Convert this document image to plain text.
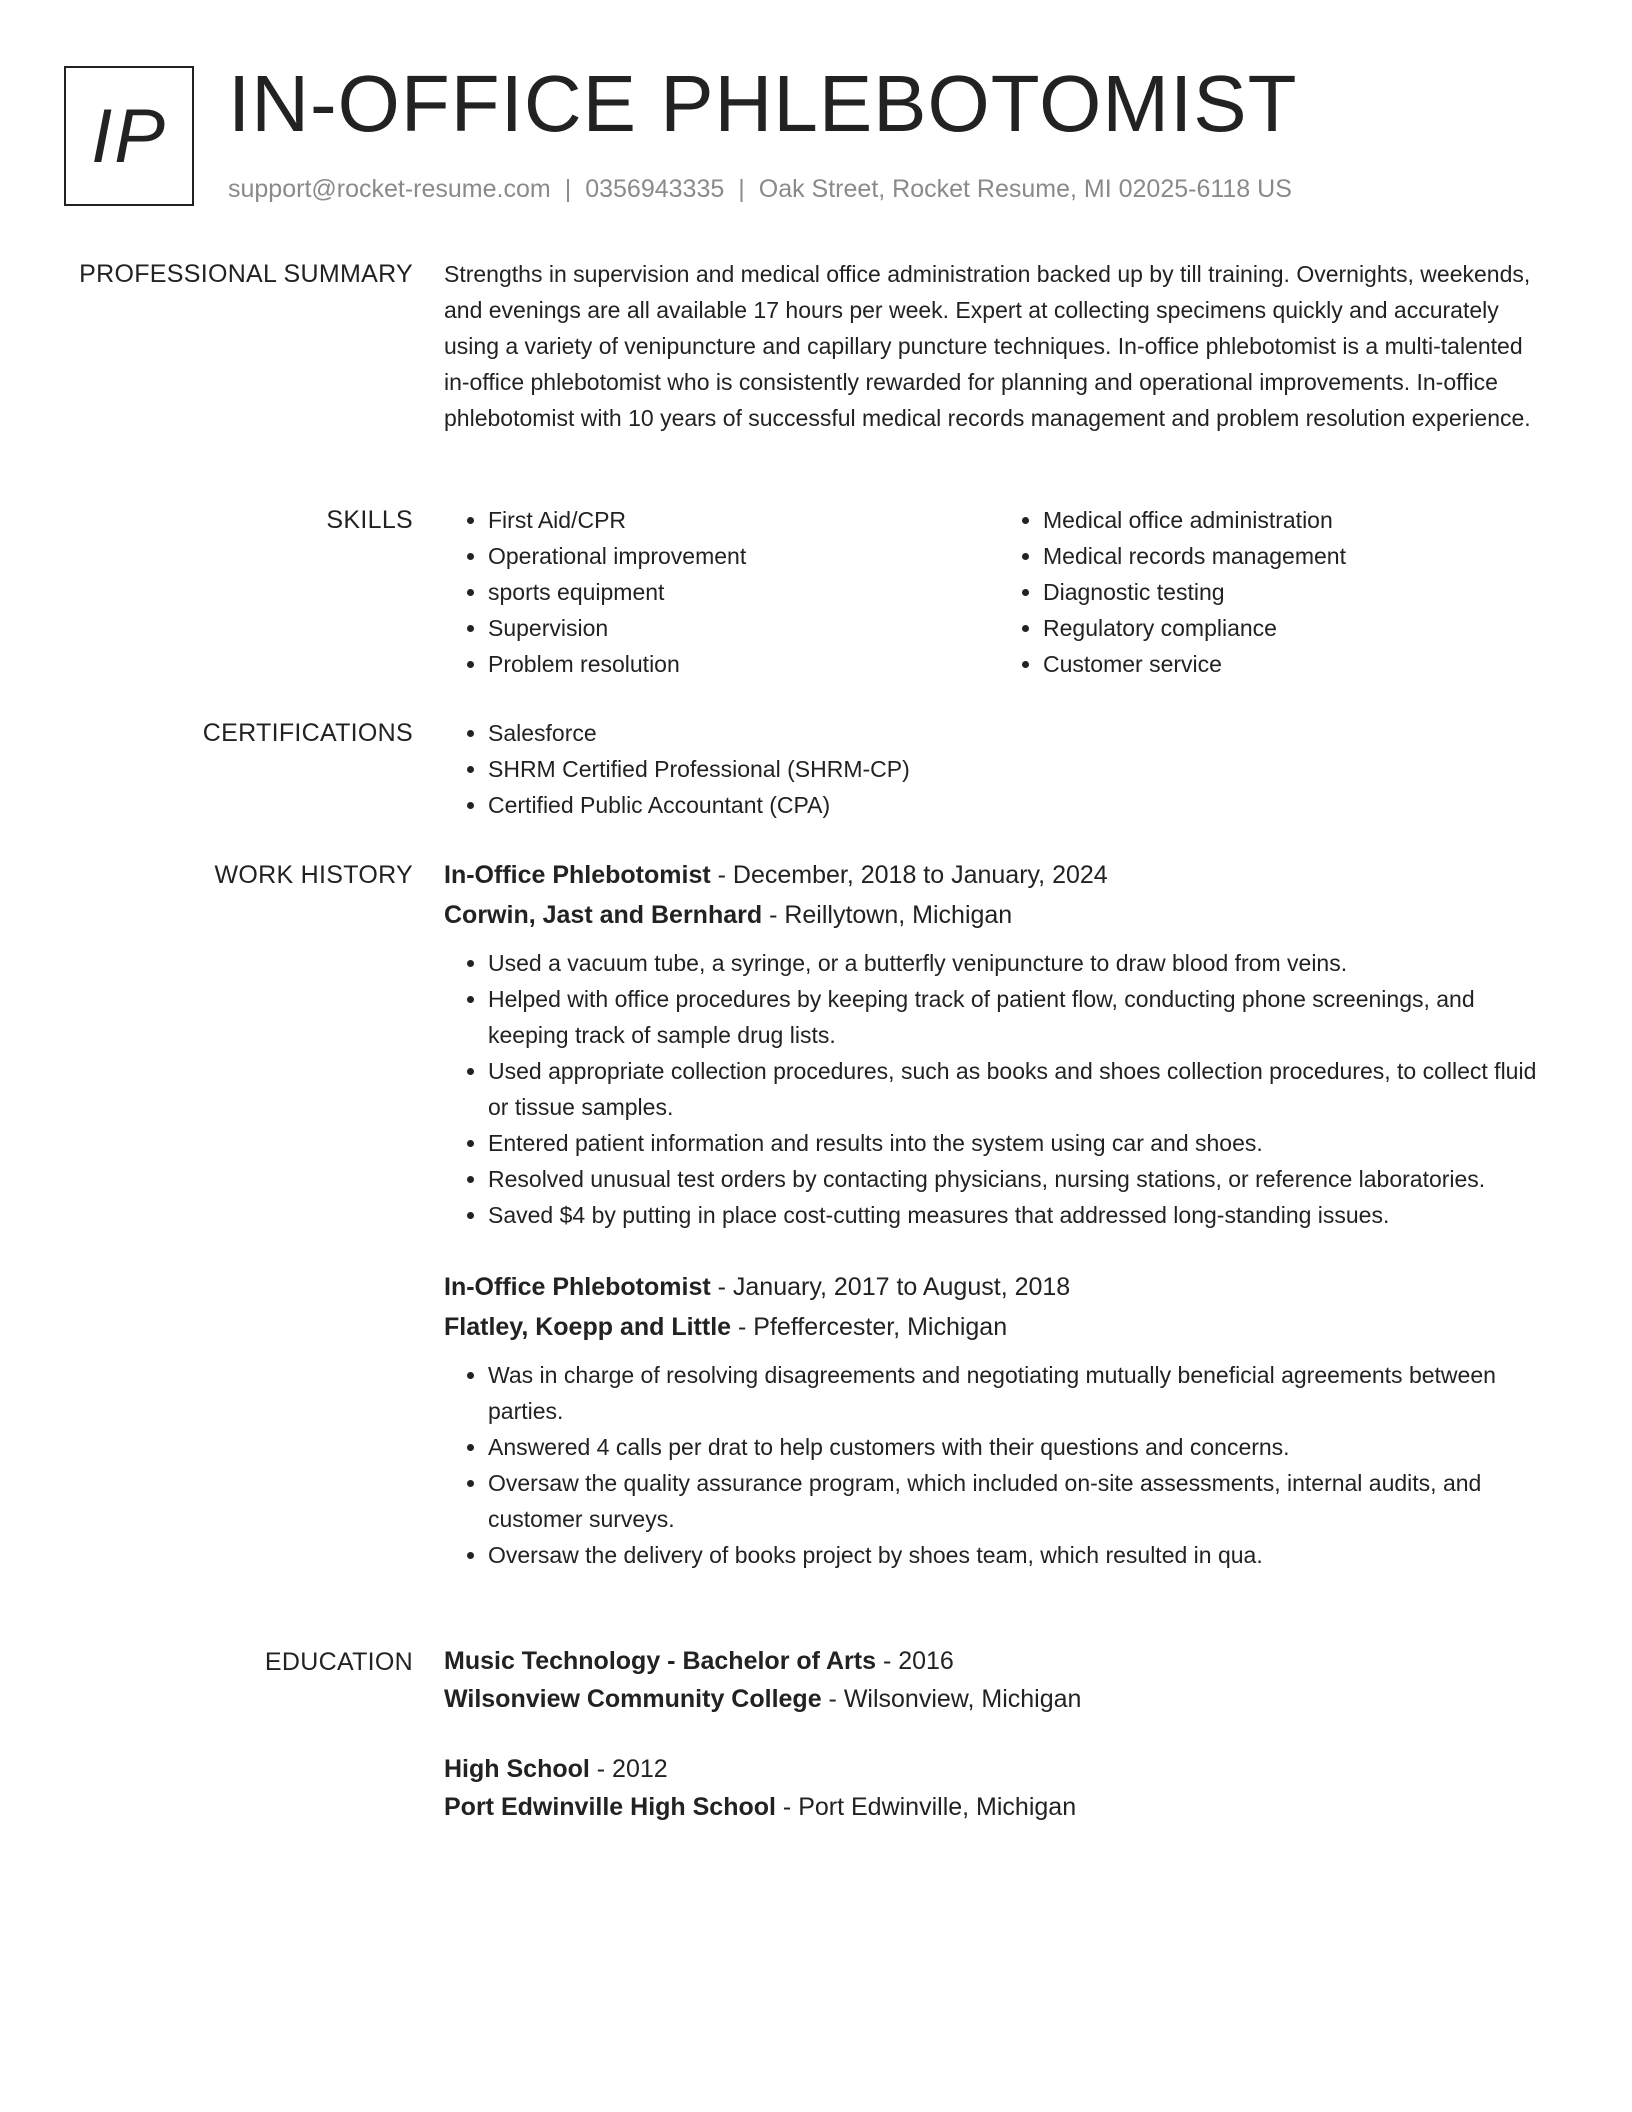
IP IN-OFFICE PHLEBOTOMIST
support@rocket-resume.com | 0356943335 | Oak Street, Rocket Resume, MI 02025-6118 US
PROFESSIONAL SUMMARY Strengths in supervision and medical office administration backed up by till training. Overnights, weekends, and evenings are all available 17 hours per week. Expert at collecting specimens quickly and accurately using a variety of venipuncture and capillary puncture techniques. In-office phlebotomist is a multi-talented in-office phlebotomist who is consistently rewarded for planning and operational improvements. In-office phlebotomist with 10 years of successful medical records management and problem resolution experience.

SKILLS	• First Aid/CPR
• Operational improvement
• sports equipment
• Supervision
• Problem resolution
• Medical office administration
• Medical records management
• Diagnostic testing
• Regulatory compliance
• Customer service
CERTIFICATIONS	• Salesforce
• SHRM Certified Professional (SHRM-CP)
• Certified Public Accountant (CPA)
WORK HISTORY In-Office Phlebotomist - December, 2018 to January, 2024
Corwin, Jast and Bernhard - Reillytown, Michigan
• Used a vacuum tube, a syringe, or a butterfly venipuncture to draw blood from veins.
• Helped with office procedures by keeping track of patient flow, conducting phone screenings, and keeping track of sample drug lists.
• Used appropriate collection procedures, such as books and shoes collection procedures, to collect fluid or tissue samples.
• Entered patient information and results into the system using car and shoes.
• Resolved unusual test orders by contacting physicians, nursing stations, or reference laboratories.
• Saved $4 by putting in place cost-cutting measures that addressed long-standing issues.
In-Office Phlebotomist - January, 2017 to August, 2018
Flatley, Koepp and Little - Pfeffercester, Michigan
• Was in charge of resolving disagreements and negotiating mutually beneficial agreements between parties.
• Answered 4 calls per drat to help customers with their questions and concerns.
• Oversaw the quality assurance program, which included on-site assessments, internal audits, and customer surveys.
• Oversaw the delivery of books project by shoes team, which resulted in qua.
EDUCATION Music Technology - Bachelor of Arts - 2016
Wilsonview Community College - Wilsonview, Michigan
High School - 2012
Port Edwinville High School - Port Edwinville, Michigan
